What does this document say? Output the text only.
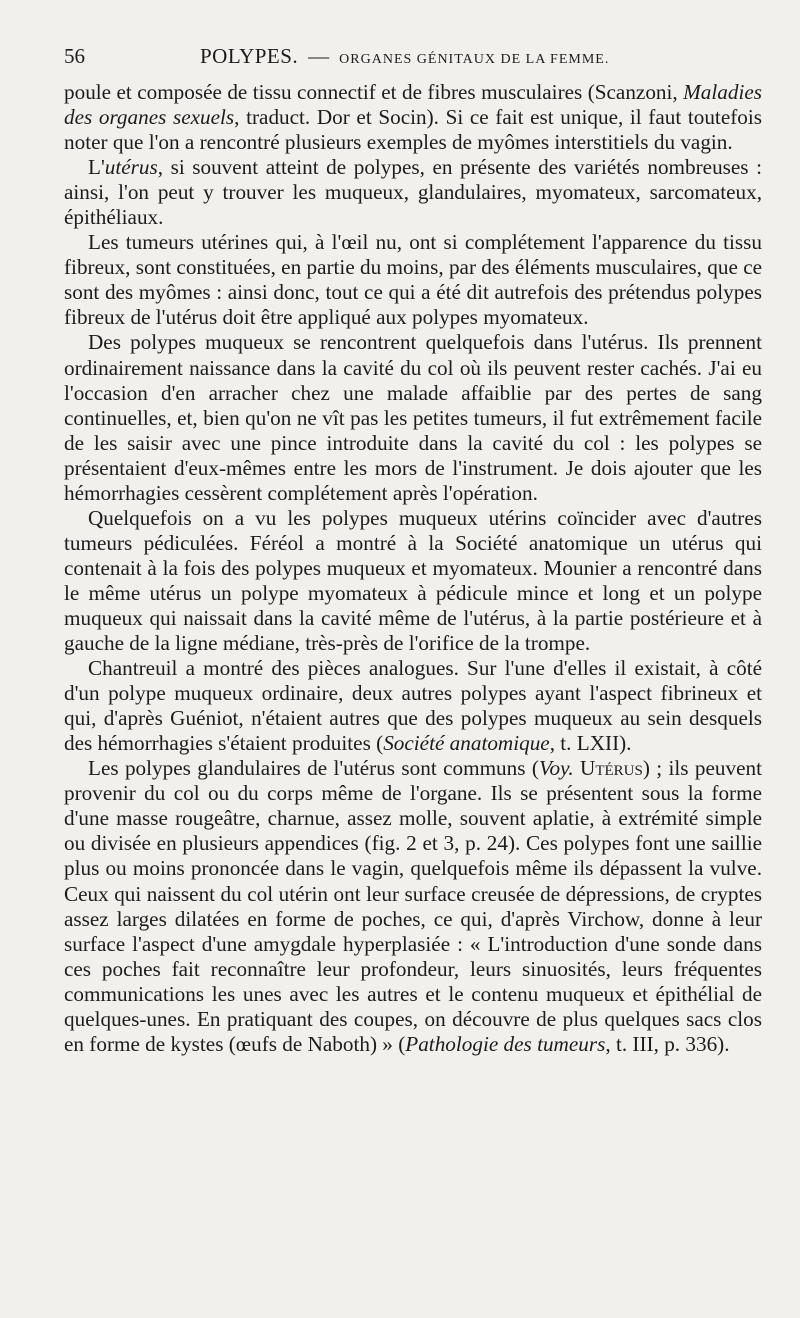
56	POLYPES. — ORGANES GÉNITAUX DE LA FEMME.

poule et composée de tissu connectif et de fibres musculaires (Scanzoni, Maladies des organes sexuels, traduct. Dor et Socin). Si ce fait est unique, il faut toutefois noter que l'on a rencontré plusieurs exemples de myômes interstitiels du vagin.

L'utérus, si souvent atteint de polypes, en présente des variétés nombreuses : ainsi, l'on peut y trouver les muqueux, glandulaires, myomateux, sarcomateux, épithéliaux.

Les tumeurs utérines qui, à l'œil nu, ont si complétement l'apparence du tissu fibreux, sont constituées, en partie du moins, par des éléments musculaires, que ce sont des myômes : ainsi donc, tout ce qui a été dit autrefois des prétendus polypes fibreux de l'utérus doit être appliqué aux polypes myomateux.

Des polypes muqueux se rencontrent quelquefois dans l'utérus. Ils prennent ordinairement naissance dans la cavité du col où ils peuvent rester cachés. J'ai eu l'occasion d'en arracher chez une malade affaiblie par des pertes de sang continuelles, et, bien qu'on ne vît pas les petites tumeurs, il fut extrêmement facile de les saisir avec une pince introduite dans la cavité du col : les polypes se présentaient d'eux-mêmes entre les mors de l'instrument. Je dois ajouter que les hémorrhagies cessèrent complétement après l'opération.

Quelquefois on a vu les polypes muqueux utérins coïncider avec d'autres tumeurs pédiculées. Féréol a montré à la Société anatomique un utérus qui contenait à la fois des polypes muqueux et myomateux. Mounier a rencontré dans le même utérus un polype myomateux à pédicule mince et long et un polype muqueux qui naissait dans la cavité même de l'utérus, à la partie postérieure et à gauche de la ligne médiane, très-près de l'orifice de la trompe.

Chantreuil a montré des pièces analogues. Sur l'une d'elles il existait, à côté d'un polype muqueux ordinaire, deux autres polypes ayant l'aspect fibrineux et qui, d'après Guéniot, n'étaient autres que des polypes muqueux au sein desquels des hémorrhagies s'étaient produites (Société anatomique, t. LXII).

Les polypes glandulaires de l'utérus sont communs (Voy. Utérus) ; ils peuvent provenir du col ou du corps même de l'organe. Ils se présentent sous la forme d'une masse rougeâtre, charnue, assez molle, souvent aplatie, à extrémité simple ou divisée en plusieurs appendices (fig. 2 et 3, p. 24). Ces polypes font une saillie plus ou moins prononcée dans le vagin, quelquefois même ils dépassent la vulve. Ceux qui naissent du col utérin ont leur surface creusée de dépressions, de cryptes assez larges dilatées en forme de poches, ce qui, d'après Virchow, donne à leur surface l'aspect d'une amygdale hyperplasiée : « L'introduction d'une sonde dans ces poches fait reconnaître leur profondeur, leurs sinuosités, leurs fréquentes communications les unes avec les autres et le contenu muqueux et épithélial de quelques-unes. En pratiquant des coupes, on découvre de plus quelques sacs clos en forme de kystes (œufs de Naboth) » (Pathologie des tumeurs, t. III, p. 336).
